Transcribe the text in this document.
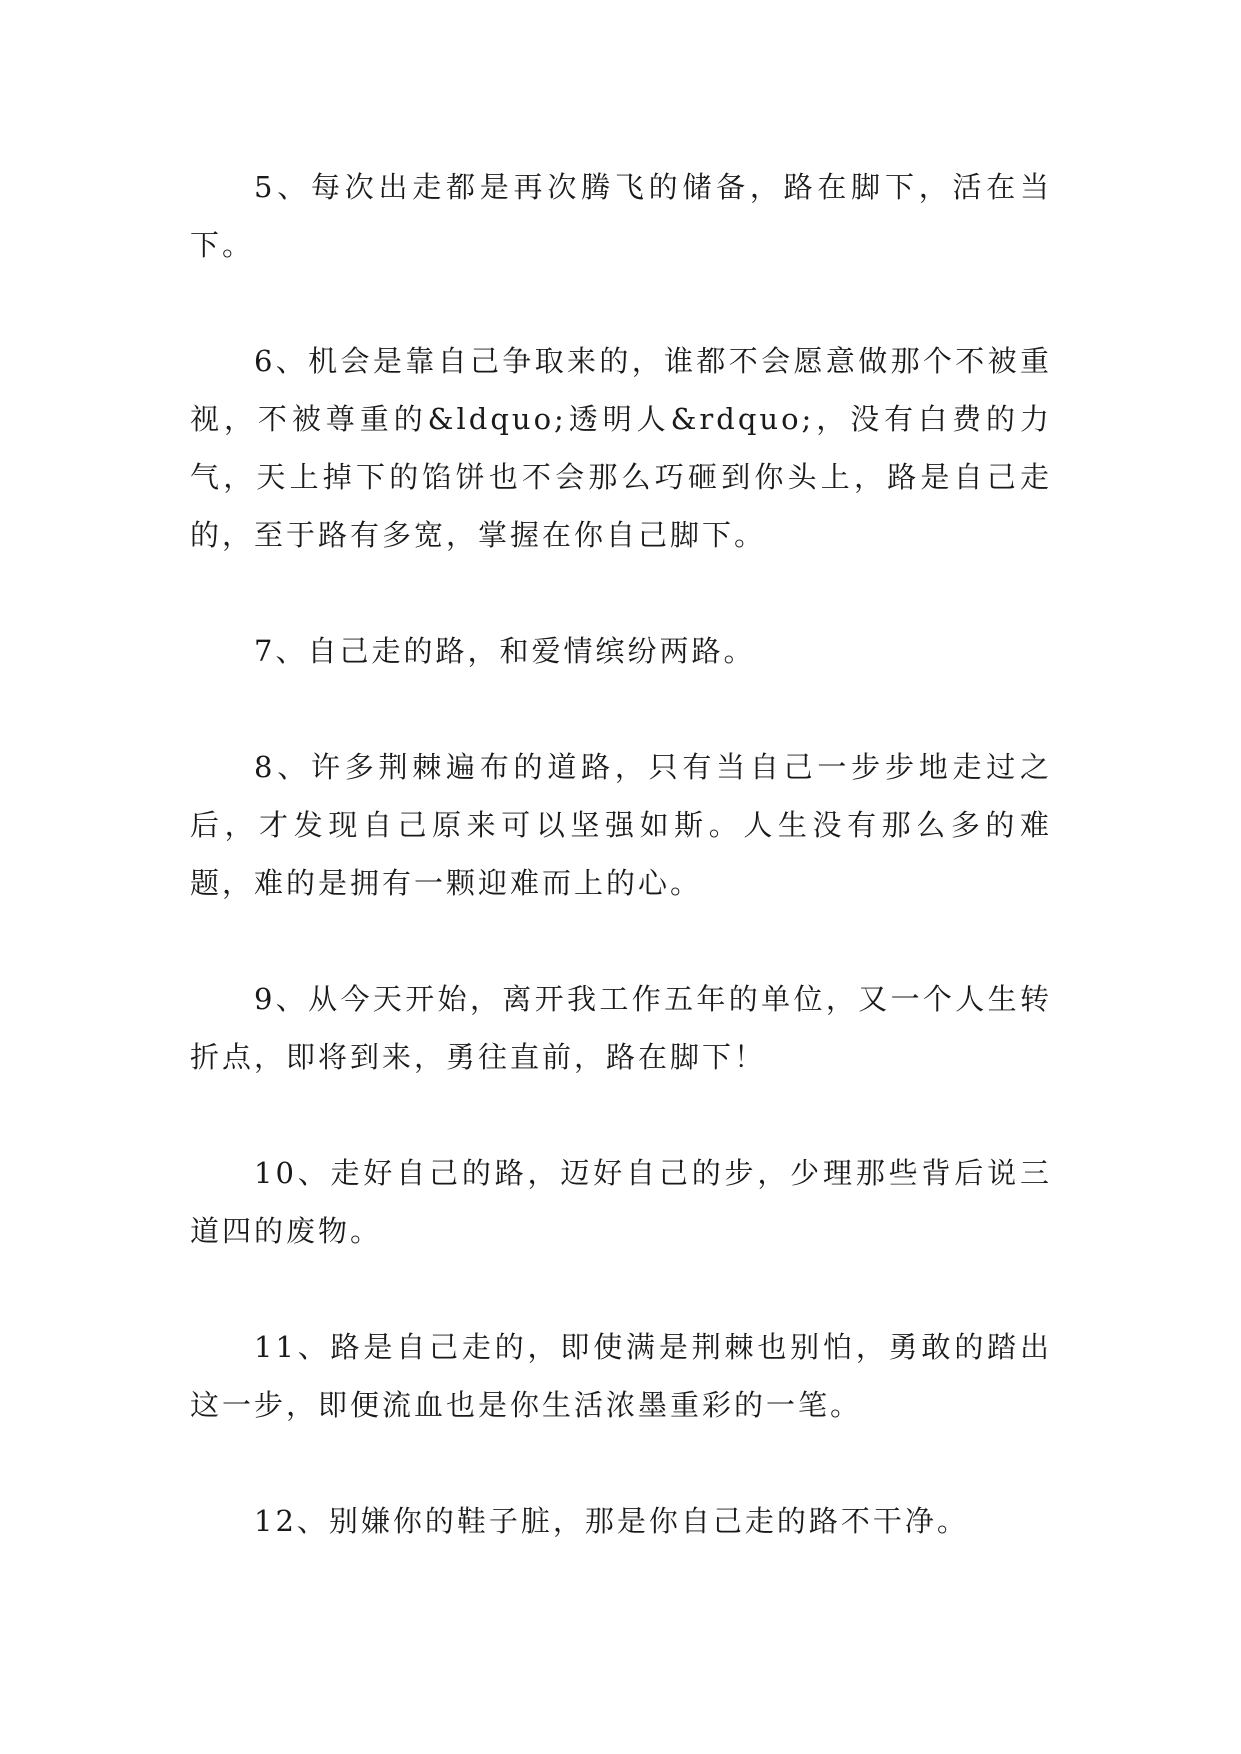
5、每次出走都是再次腾飞的储备，路在脚下，活在当下。

6、机会是靠自己争取来的，谁都不会愿意做那个不被重视，不被尊重的&ldquo;透明人&rdquo;，没有白费的力气，天上掉下的馅饼也不会那么巧砸到你头上，路是自己走的，至于路有多宽，掌握在你自己脚下。

7、自己走的路，和爱情缤纷两路。

8、许多荆棘遍布的道路，只有当自己一步步地走过之后，才发现自己原来可以坚强如斯。人生没有那么多的难题，难的是拥有一颗迎难而上的心。

9、从今天开始，离开我工作五年的单位，又一个人生转折点，即将到来，勇往直前，路在脚下！

10、走好自己的路，迈好自己的步，少理那些背后说三道四的废物。

11、路是自己走的，即使满是荆棘也别怕，勇敢的踏出这一步，即便流血也是你生活浓墨重彩的一笔。

12、别嫌你的鞋子脏，那是你自己走的路不干净。
